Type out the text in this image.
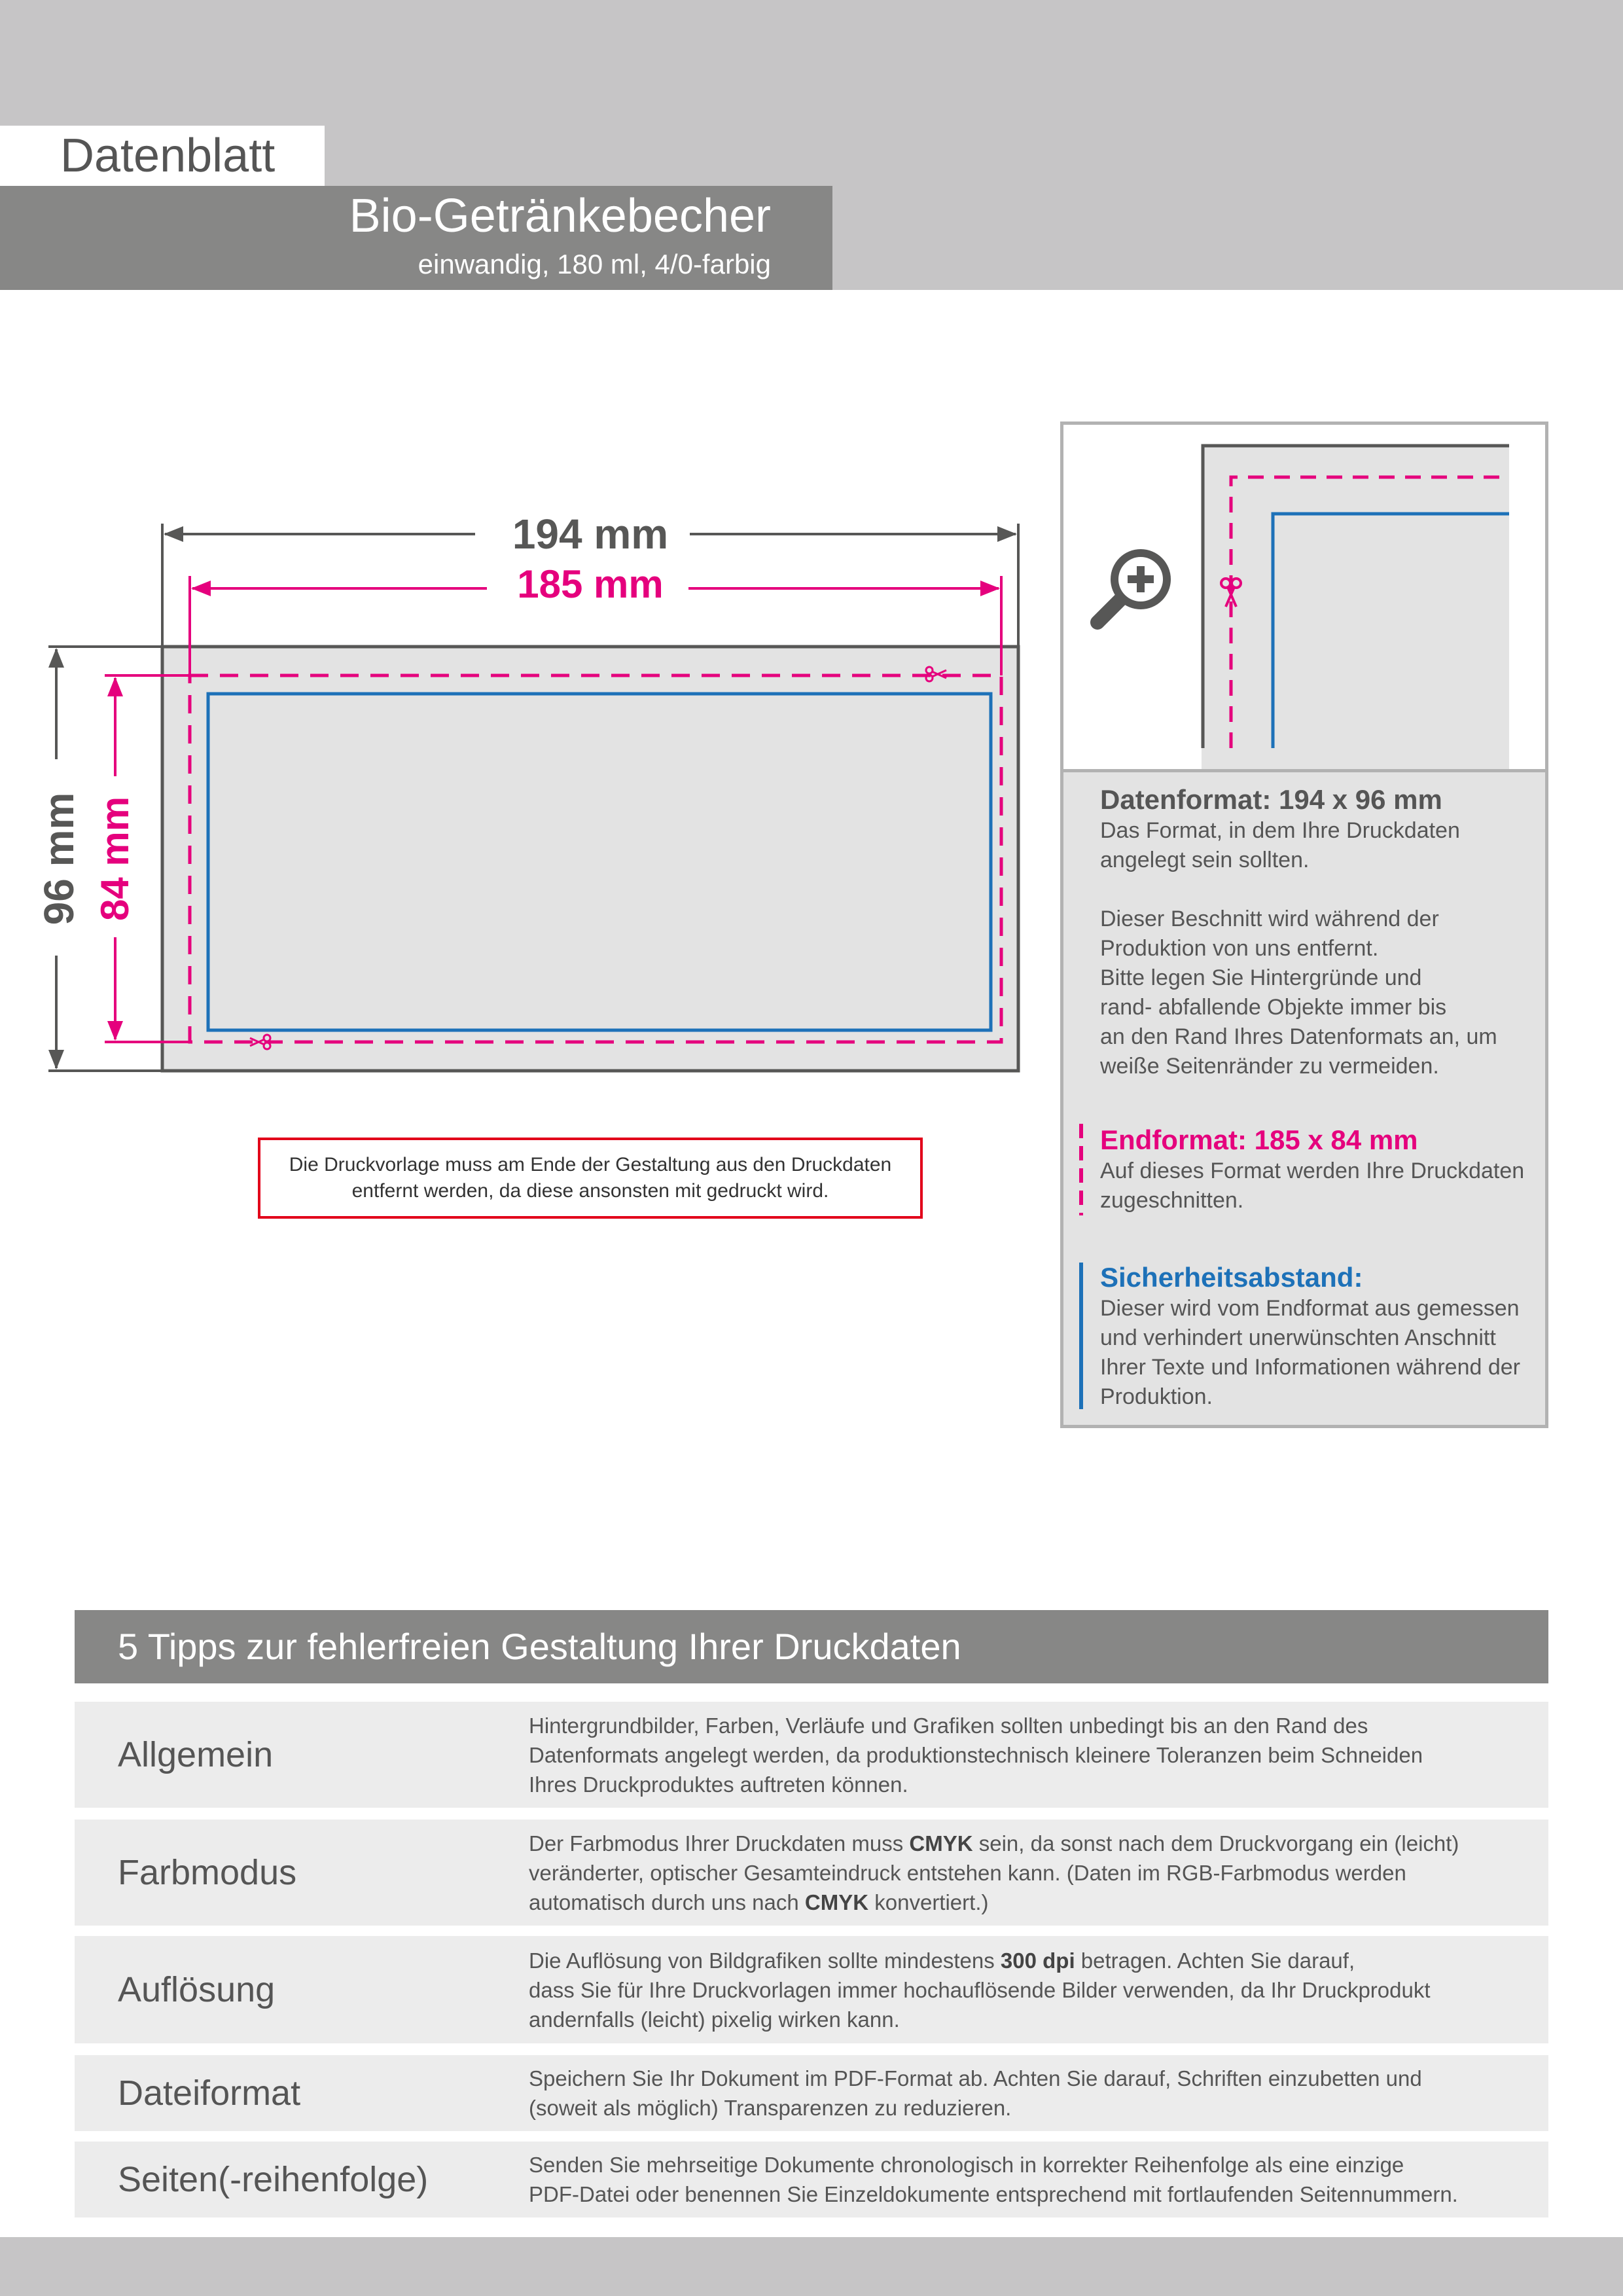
Datenblatt
Bio-Getränkebecher
einwandig, 180 ml, 4/0-farbig
194 mm
185 mm
96 mm 84 mm
Die Druckvorlage muss am Ende der Gestaltung aus den Druckdaten
entfernt werden, da diese ansonsten mit gedruckt wird.
Datenformat: 194 x 96 mm
Das Format, in dem Ihre Druckdaten
angelegt sein sollten.
Dieser Beschnitt wird während der
Produktion von uns entfernt.
Bitte legen Sie Hintergründe und
rand- abfallende Objekte immer bis
an den Rand Ihres Datenformats an, um
weiße Seitenränder zu vermeiden.
Endformat: 185 x 84 mm
Auf dieses Format werden Ihre Druckdaten
zugeschnitten.
Sicherheitsabstand:
Dieser wird vom Endformat aus gemessen
und verhindert unerwünschten Anschnitt
Ihrer Texte und Informationen während der
Produktion.
5 Tipps zur fehlerfreien Gestaltung Ihrer Druckdaten
Allgemein
Hintergrundbilder, Farben, Verläufe und Grafiken sollten unbedingt bis an den Rand des
Datenformats angelegt werden, da produktionstechnisch kleinere Toleranzen beim Schneiden
Ihres Druckproduktes auftreten können.
Farbmodus
Der Farbmodus Ihrer Druckdaten muss CMYK sein, da sonst nach dem Druckvorgang ein (leicht)
veränderter, optischer Gesamteindruck entstehen kann. (Daten im RGB-Farbmodus werden
automatisch durch uns nach CMYK konvertiert.)
Auflösung
Die Auflösung von Bildgrafiken sollte mindestens 300 dpi betragen. Achten Sie darauf,
dass Sie für Ihre Druckvorlagen immer hochauflösende Bilder verwenden, da Ihr Druckprodukt
andernfalls (leicht) pixelig wirken kann.
Dateiformat	Speichern Sie Ihr Dokument im PDF-Format ab. Achten Sie darauf, Schriften einzubetten und
(soweit als möglich) Transparenzen zu reduzieren.
Seiten(-reihenfolge)	Senden Sie mehrseitige Dokumente chronologisch in korrekter Reihenfolge als eine einzige
PDF-Datei oder benennen Sie Einzeldokumente entsprechend mit fortlaufenden Seitennummern.
